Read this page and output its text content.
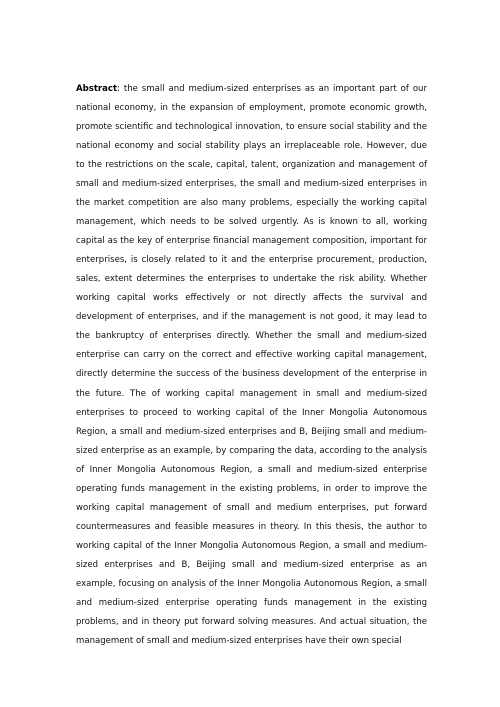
Abstract: the small and medium-sized enterprises as an important part of our national economy, in the expansion of employment, promote economic growth, promote scientific and technological innovation, to ensure social stability and the national economy and social stability plays an irreplaceable role. However, due to the restrictions on the scale, capital, talent, organization and management of small and medium-sized enterprises, the small and medium-sized enterprises in the market competition are also many problems, especially the working capital management, which needs to be solved urgently. As is known to all, working capital as the key of enterprise financial management composition, important for enterprises, is closely related to it and the enterprise procurement, production, sales, extent determines the enterprises to undertake the risk ability. Whether working capital works effectively or not directly affects the survival and development of enterprises, and if the management is not good, it may lead to the bankruptcy of enterprises directly. Whether the small and medium-sized enterprise can carry on the correct and effective working capital management, directly determine the success of the business development of the enterprise in the future. The of working capital management in small and medium-sized enterprises to proceed to working capital of the Inner Mongolia Autonomous Region, a small and medium-sized enterprises and B, Beijing small and medium-sized enterprise as an example, by comparing the data, according to the analysis of Inner Mongolia Autonomous Region, a small and medium-sized enterprise operating funds management in the existing problems, in order to improve the working capital management of small and medium enterprises, put forward countermeasures and feasible measures in theory. In this thesis, the author to working capital of the Inner Mongolia Autonomous Region, a small and medium-sized enterprises and B, Beijing small and medium-sized enterprise as an example, focusing on analysis of the Inner Mongolia Autonomous Region, a small and medium-sized enterprise operating funds management in the existing problems, and in theory put forward solving measures. And actual situation, the management of small and medium-sized enterprises have their own special
